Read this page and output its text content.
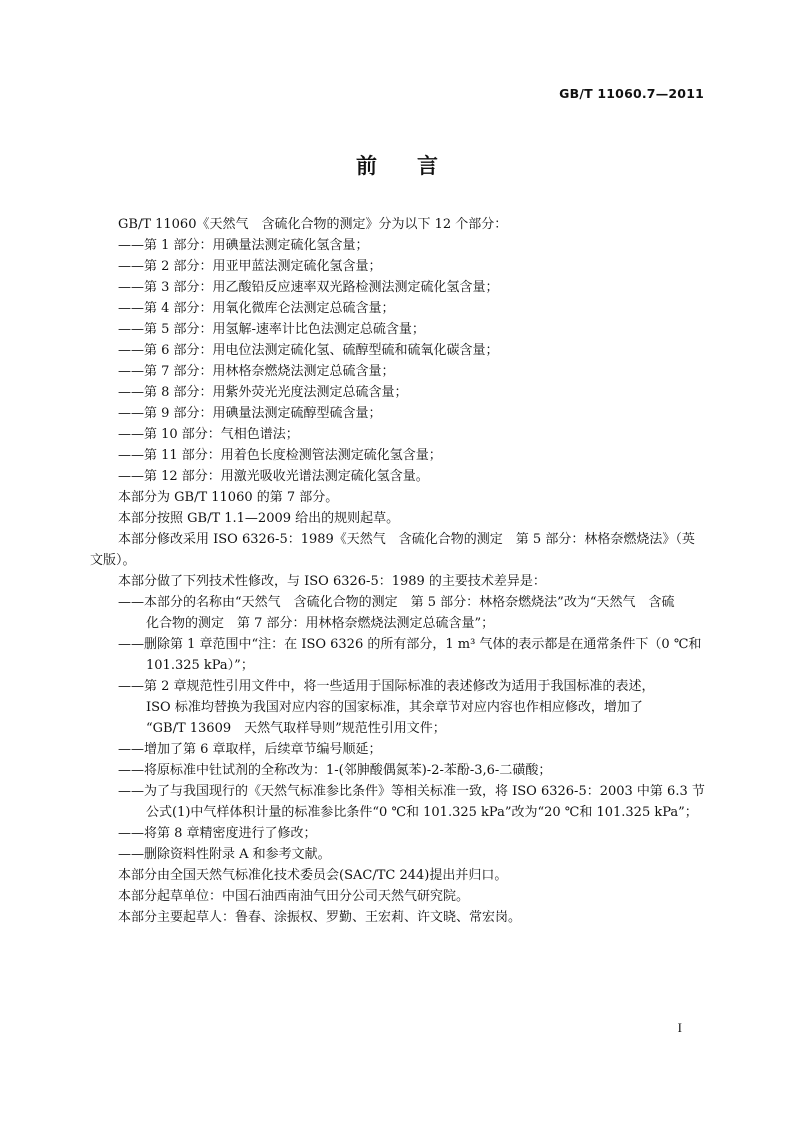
GB/T 11060.7—2011
前言

GB/T 11060《天然气　含硫化合物的测定》分为以下 12 个部分：

——第 1 部分：用碘量法测定硫化氢含量；
——第 2 部分：用亚甲蓝法测定硫化氢含量；
——第 3 部分：用乙酸铅反应速率双光路检测法测定硫化氢含量；
——第 4 部分：用氧化微库仑法测定总硫含量；
——第 5 部分：用氢解-速率计比色法测定总硫含量；
——第 6 部分：用电位法测定硫化氢、硫醇型硫和硫氧化碳含量；
——第 7 部分：用林格奈燃烧法测定总硫含量；
——第 8 部分：用紫外荧光光度法测定总硫含量；
——第 9 部分：用碘量法测定硫醇型硫含量；
——第 10 部分：气相色谱法；
——第 11 部分：用着色长度检测管法测定硫化氢含量；
——第 12 部分：用激光吸收光谱法测定硫化氢含量。

本部分为 GB/T 11060 的第 7 部分。

本部分按照 GB/T 1.1—2009 给出的规则起草。

本部分修改采用 ISO 6326-5：1989《天然气　含硫化合物的测定　第 5 部分：林格奈燃烧法》（英
文版）。

本部分做了下列技术性修改，与 ISO 6326-5：1989 的主要技术差异是：

——本部分的名称由“天然气　含硫化合物的测定　第 5 部分：林格奈燃烧法”改为“天然气　含硫
化合物的测定　第 7 部分：用林格奈燃烧法测定总硫含量”；
——删除第 1 章范围中“注：在 ISO 6326 的所有部分，1 m³ 气体的表示都是在通常条件下（0 ℃和
101.325 kPa）”；
——第 2 章规范性引用文件中，将一些适用于国际标准的表述修改为适用于我国标准的表述，
ISO 标准均替换为我国对应内容的国家标准，其余章节对应内容也作相应修改，增加了
“GB/T 13609　天然气取样导则”规范性引用文件；
——增加了第 6 章取样，后续章节编号顺延；
——将原标准中钍试剂的全称改为：1-(邻胂酸偶氮苯)-2-苯酚-3,6-二磺酸；
——为了与我国现行的《天然气标准参比条件》等相关标准一致，将 ISO 6326-5：2003 中第 6.3 节
公式(1)中气样体积计量的标准参比条件“0 ℃和 101.325 kPa”改为“20 ℃和 101.325 kPa”；
——将第 8 章精密度进行了修改；
——删除资料性附录 A 和参考文献。

本部分由全国天然气标准化技术委员会(SAC/TC 244)提出并归口。

本部分起草单位：中国石油西南油气田分公司天然气研究院。

本部分主要起草人：鲁春、涂振权、罗勤、王宏莉、许文晓、常宏岗。

I
